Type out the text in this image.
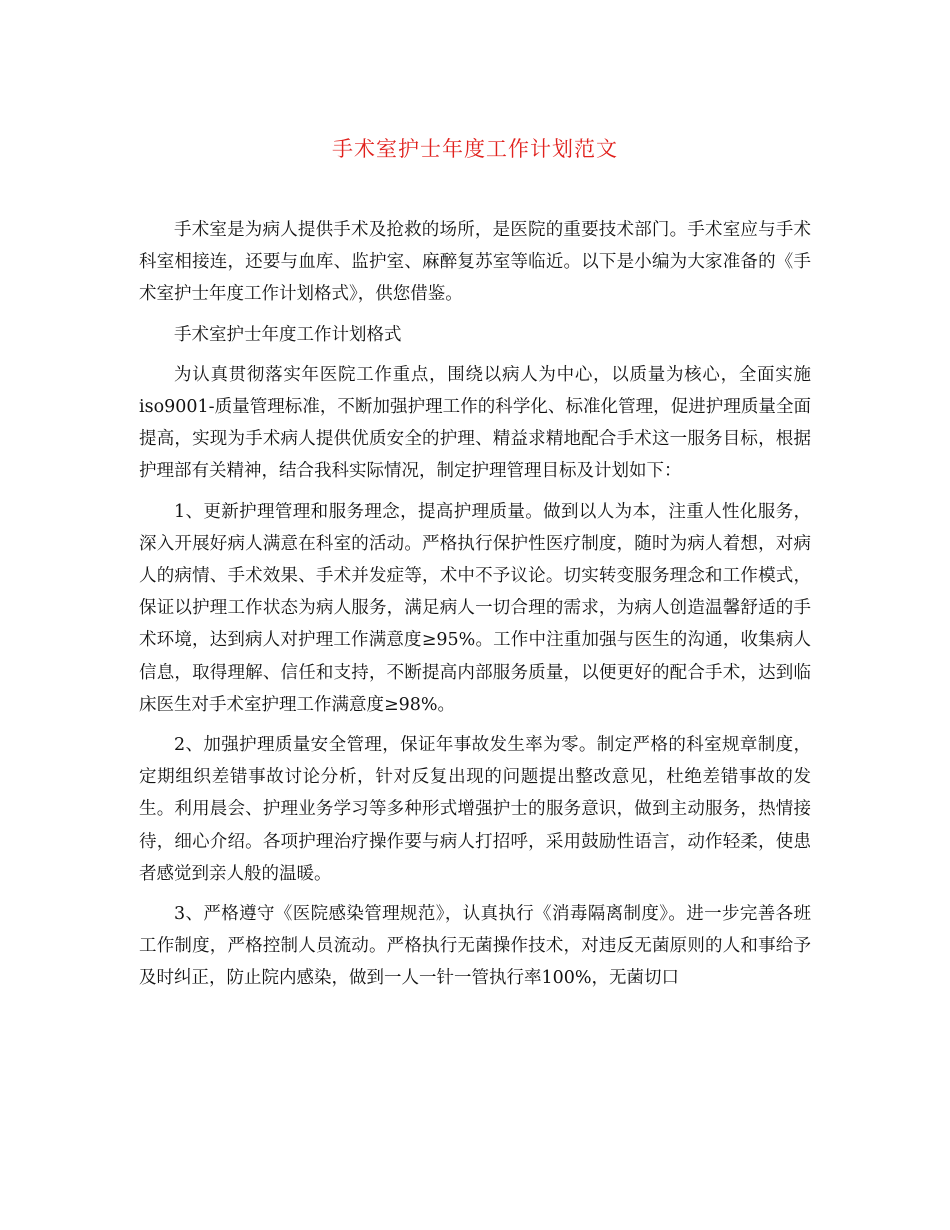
手术室护士年度工作计划范文

手术室是为病人提供手术及抢救的场所，是医院的重要技术部门。手术室应与手术科室相接连，还要与血库、监护室、麻醉复苏室等临近。以下是小编为大家准备的《手术室护士年度工作计划格式》，供您借鉴。

手术室护士年度工作计划格式

为认真贯彻落实年医院工作重点，围绕以病人为中心，以质量为核心，全面实施iso9001-质量管理标准，不断加强护理工作的科学化、标准化管理，促进护理质量全面提高，实现为手术病人提供优质安全的护理、精益求精地配合手术这一服务目标，根据护理部有关精神，结合我科实际情况，制定护理管理目标及计划如下：

1、更新护理管理和服务理念，提高护理质量。做到以人为本，注重人性化服务，深入开展好病人满意在科室的活动。严格执行保护性医疗制度，随时为病人着想，对病人的病情、手术效果、手术并发症等，术中不予议论。切实转变服务理念和工作模式，保证以护理工作状态为病人服务，满足病人一切合理的需求，为病人创造温馨舒适的手术环境，达到病人对护理工作满意度≥95%。工作中注重加强与医生的沟通，收集病人信息，取得理解、信任和支持，不断提高内部服务质量，以便更好的配合手术，达到临床医生对手术室护理工作满意度≥98%。

2、加强护理质量安全管理，保证年事故发生率为零。制定严格的科室规章制度，定期组织差错事故讨论分析，针对反复出现的问题提出整改意见，杜绝差错事故的发生。利用晨会、护理业务学习等多种形式增强护士的服务意识，做到主动服务，热情接待，细心介绍。各项护理治疗操作要与病人打招呼，采用鼓励性语言，动作轻柔，使患者感觉到亲人般的温暖。

3、严格遵守《医院感染管理规范》，认真执行《消毒隔离制度》。进一步完善各班工作制度，严格控制人员流动。严格执行无菌操作技术，对违反无菌原则的人和事给予及时纠正，防止院内感染，做到一人一针一管执行率100%，无菌切口
